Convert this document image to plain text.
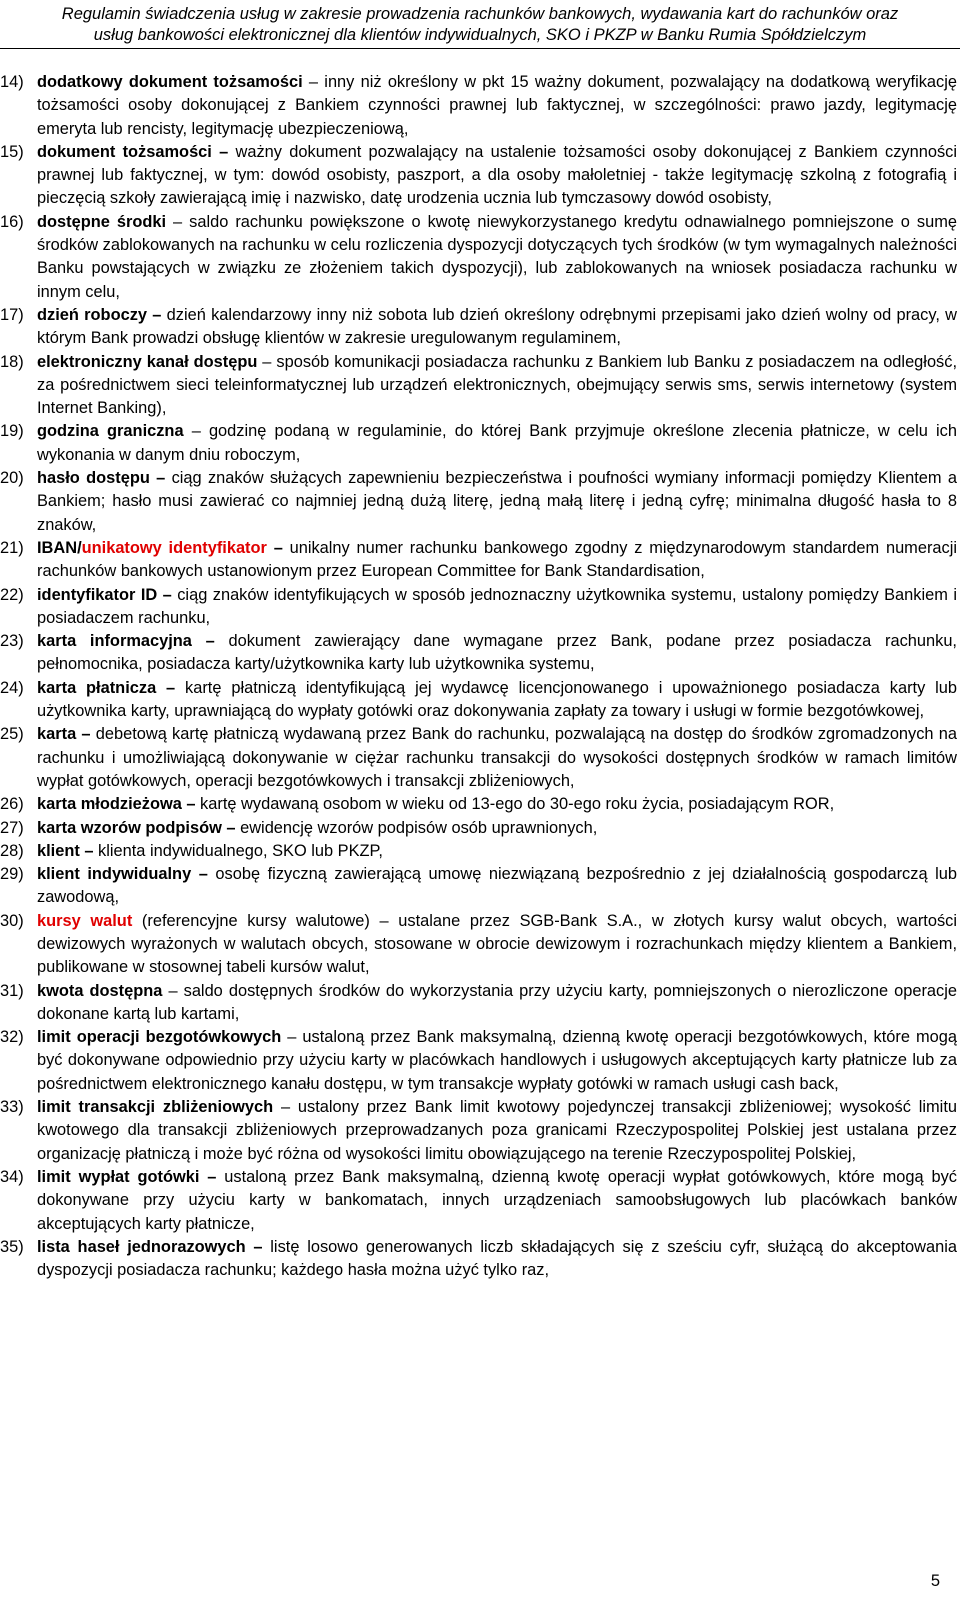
Regulamin świadczenia usług w zakresie prowadzenia rachunków bankowych, wydawania kart do rachunków oraz
usług bankowości elektronicznej dla klientów indywidualnych, SKO i PKZP w Banku Rumia Spółdzielczym
14) dodatkowy dokument tożsamości – inny niż określony w pkt 15 ważny dokument, pozwalający na dodatkową weryfikację tożsamości osoby dokonującej z Bankiem czynności prawnej lub faktycznej, w szczególności: prawo jazdy, legitymację emeryta lub rencisty, legitymację ubezpieczeniową,
15) dokument tożsamości – ważny dokument pozwalający na ustalenie tożsamości osoby dokonującej z Bankiem czynności prawnej lub faktycznej, w tym: dowód osobisty, paszport, a dla osoby małoletniej - także legitymację szkolną z fotografią i pieczęcią szkoły zawierającą imię i nazwisko, datę urodzenia ucznia lub tymczasowy dowód osobisty,
16) dostępne środki – saldo rachunku powiększone o kwotę niewykorzystanego kredytu odnawialnego pomniejszone o sumę środków zablokowanych na rachunku w celu rozliczenia dyspozycji dotyczących tych środków (w tym wymagalnych należności Banku powstających w związku ze złożeniem takich dyspozycji), lub zablokowanych na wniosek posiadacza rachunku w innym celu,
17) dzień roboczy – dzień kalendarzowy inny niż sobota lub dzień określony odrębnymi przepisami jako dzień wolny od pracy, w którym Bank prowadzi obsługę klientów w zakresie uregulowanym regulaminem,
18) elektroniczny kanał dostępu – sposób komunikacji posiadacza rachunku z Bankiem lub Banku z posiadaczem na odległość, za pośrednictwem sieci teleinformatycznej lub urządzeń elektronicznych, obejmujący serwis sms, serwis internetowy (system Internet Banking),
19) godzina graniczna – godzinę podaną w regulaminie, do której Bank przyjmuje określone zlecenia płatnicze, w celu ich wykonania w danym dniu roboczym,
20) hasło dostępu – ciąg znaków służących zapewnieniu bezpieczeństwa i poufności wymiany informacji pomiędzy Klientem a Bankiem; hasło musi zawierać co najmniej jedną dużą literę, jedną małą literę i jedną cyfrę; minimalna długość hasła to 8 znaków,
21) IBAN/unikatowy identyfikator – unikalny numer rachunku bankowego zgodny z międzynarodowym standardem numeracji rachunków bankowych ustanowionym przez European Committee for Bank Standardisation,
22) identyfikator ID – ciąg znaków identyfikujących w sposób jednoznaczny użytkownika systemu, ustalony pomiędzy Bankiem i posiadaczem rachunku,
23) karta informacyjna – dokument zawierający dane wymagane przez Bank, podane przez posiadacza rachunku, pełnomocnika, posiadacza karty/użytkownika karty lub użytkownika systemu,
24) karta płatnicza – kartę płatniczą identyfikującą jej wydawcę licencjonowanego i upoważnionego posiadacza karty lub użytkownika karty, uprawniającą do wypłaty gotówki oraz dokonywania zapłaty za towary i usługi w formie bezgotówkowej,
25) karta – debetową kartę płatniczą wydawaną przez Bank do rachunku, pozwalającą na dostęp do środków zgromadzonych na rachunku i umożliwiającą dokonywanie w ciężar rachunku transakcji do wysokości dostępnych środków w ramach limitów wypłat gotówkowych, operacji bezgotówkowych i transakcji zbliżeniowych,
26) karta młodzieżowa – kartę wydawaną osobom w wieku od 13-ego do 30-ego roku życia, posiadającym ROR,
27) karta wzorów podpisów – ewidencję wzorów podpisów osób uprawnionych,
28) klient – klienta indywidualnego, SKO lub PKZP,
29) klient indywidualny – osobę fizyczną zawierającą umowę niezwiązaną bezpośrednio z jej działalnością gospodarczą lub zawodową,
30) kursy walut (referencyjne kursy walutowe) – ustalane przez SGB-Bank S.A., w złotych kursy walut obcych, wartości dewizowych wyrażonych w walutach obcych, stosowane w obrocie dewizowym i rozrachunkach między klientem a Bankiem, publikowane w stosownej tabeli kursów walut,
31) kwota dostępna – saldo dostępnych środków do wykorzystania przy użyciu karty, pomniejszonych o nierozliczone operacje dokonane kartą lub kartami,
32) limit operacji bezgotówkowych – ustaloną przez Bank maksymalną, dzienną kwotę operacji bezgotówkowych, które mogą być dokonywane odpowiednio przy użyciu karty w placówkach handlowych i usługowych akceptujących karty płatnicze lub za pośrednictwem elektronicznego kanału dostępu, w tym transakcje wypłaty gotówki w ramach usługi cash back,
33) limit transakcji zbliżeniowych – ustalony przez Bank limit kwotowy pojedynczej transakcji zbliżeniowej; wysokość limitu kwotowego dla transakcji zbliżeniowych przeprowadzanych poza granicami Rzeczypospolitej Polskiej jest ustalana przez organizację płatniczą i może być różna od wysokości limitu obowiązującego na terenie Rzeczypospolitej Polskiej,
34) limit wypłat gotówki – ustaloną przez Bank maksymalną, dzienną kwotę operacji wypłat gotówkowych, które mogą być dokonywane przy użyciu karty w bankomatach, innych urządzeniach samoobsługowych lub placówkach banków akceptujących karty płatnicze,
35) lista haseł jednorazowych – listę losowo generowanych liczb składających się z sześciu cyfr, służącą do akceptowania dyspozycji posiadacza rachunku; każdego hasła można użyć tylko raz,
5
